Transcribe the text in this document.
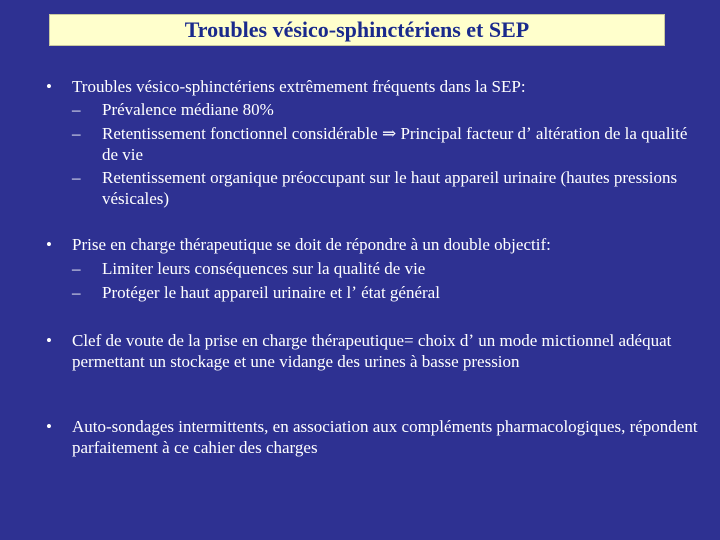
Troubles vésico-sphinctériens et SEP
• Troubles vésico-sphinctériens extrêmement fréquents dans la SEP:
– Prévalence médiane 80%
– Retentissement fonctionnel considérable ⇒ Principal facteur dʼ altération de la qualité de vie
– Retentissement organique préoccupant sur le haut appareil urinaire (hautes pressions vésicales)
• Prise en charge thérapeutique se doit de répondre à un double objectif:
– Limiter leurs conséquences sur la qualité de vie
– Protéger le haut appareil urinaire et lʼ état général
• Clef de voute de la prise en charge thérapeutique= choix dʼ un mode mictionnel adéquat permettant un stockage et une vidange des urines à basse pression
• Auto-sondages intermittents, en association aux compléments pharmacologiques, répondent parfaitement à ce cahier des charges
